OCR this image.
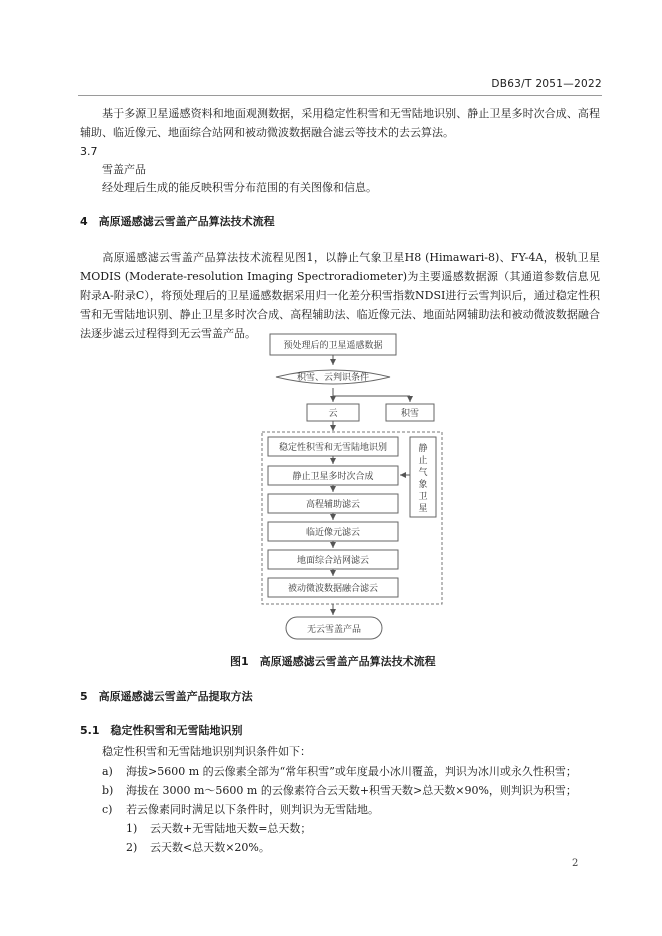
DB63/T 2051—2022
基于多源卫星遥感资料和地面观测数据，采用稳定性积雪和无雪陆地识别、静止卫星多时次合成、高程辅助、临近像元、地面综合站网和被动微波数据融合滤云等技术的去云算法。
3.7
雪盖产品
经处理后生成的能反映积雪分布范围的有关图像和信息。
4　高原遥感滤云雪盖产品算法技术流程
高原遥感滤云雪盖产品算法技术流程见图1，以静止气象卫星H8 (Himawari-8)、FY-4A，极轨卫星MODIS (Moderate-resolution Imaging Spectroradiometer)为主要遥感数据源（其通道参数信息见附录A-附录C），将预处理后的卫星遥感数据采用归一化差分积雪指数NDSI进行云雪判识后，通过稳定性积雪和无雪陆地识别、静止卫星多时次合成、高程辅助法、临近像元法、地面站网辅助法和被动微波数据融合法逐步滤云过程得到无云雪盖产品。
预处理后的卫星遥感数据
积雪、云判识条件
云	积雪
稳定性积雪和无雪陆地识别
静止卫星多时次合成
高程辅助滤云
临近像元滤云
地面综合站网滤云
被动微波数据融合滤云
静
止
气
象
卫
星
无云雪盖产品
图1　高原遥感滤云雪盖产品算法技术流程
5　高原遥感滤云雪盖产品提取方法
5.1　稳定性积雪和无雪陆地识别
稳定性积雪和无雪陆地识别判识条件如下：
a) 海拔>5600 m 的云像素全部为“常年积雪”或年度最小冰川覆盖，判识为冰川或永久性积雪；
b) 海拔在 3000 m～5600 m 的云像素符合云天数+积雪天数>总天数×90%，则判识为积雪；
c) 若云像素同时满足以下条件时，则判识为无雪陆地。
1) 云天数+无雪陆地天数=总天数；
2) 云天数<总天数×20%。
2
